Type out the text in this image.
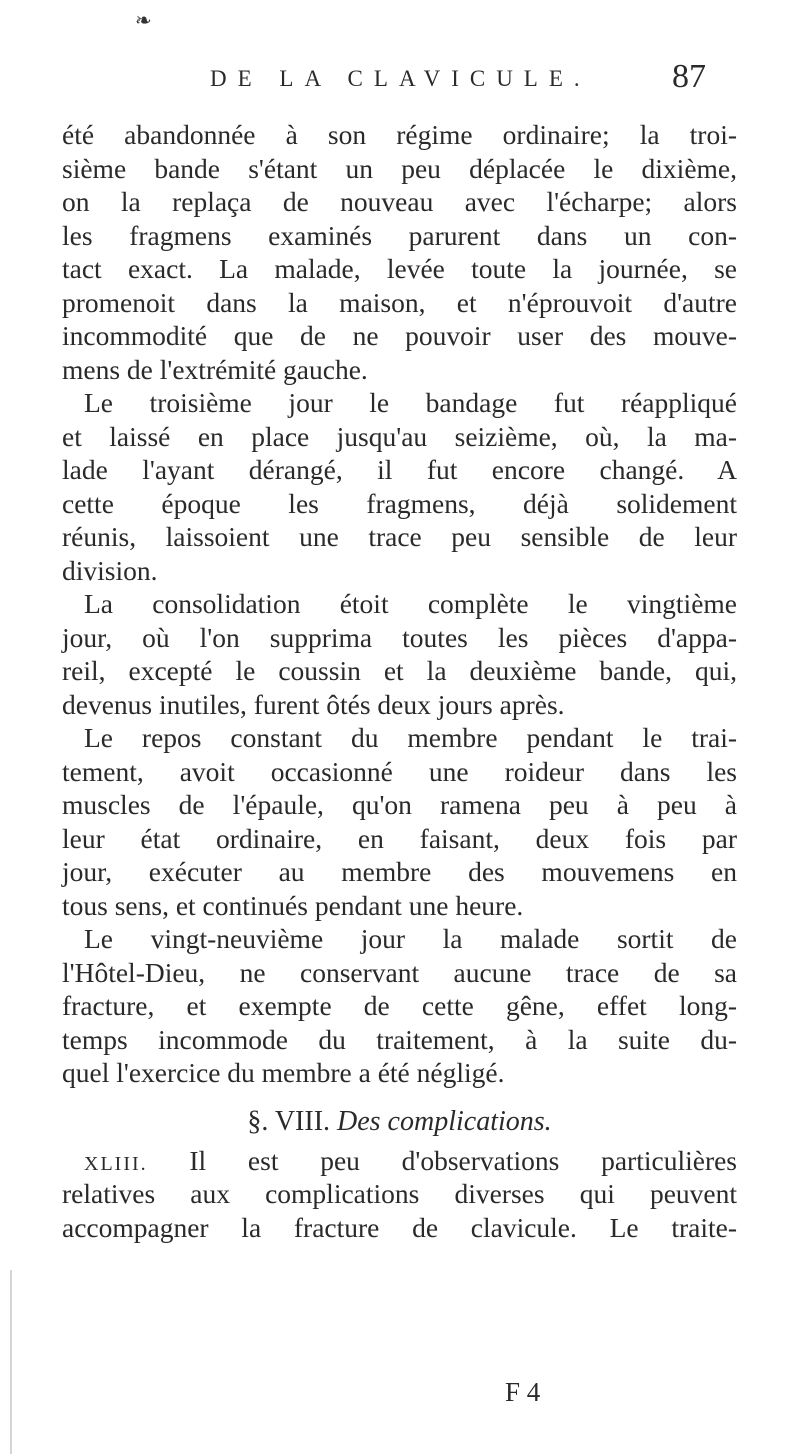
❧
DE LA CLAVICULE. 87
été abandonnée à son régime ordinaire; la troi-
sième bande s'étant un peu déplacée le dixième,
on la replaça de nouveau avec l'écharpe; alors
les fragmens examinés parurent dans un con-
tact exact. La malade, levée toute la journée, se
promenoit dans la maison, et n'éprouvoit d'autre
incommodité que de ne pouvoir user des mouve-
mens de l'extrémité gauche.
Le troisième jour le bandage fut réappliqué
et laissé en place jusqu'au seizième, où, la ma-
lade l'ayant dérangé, il fut encore changé. A
cette époque les fragmens, déjà solidement
réunis, laissoient une trace peu sensible de leur
division.
La consolidation étoit complète le vingtième
jour, où l'on supprima toutes les pièces d'appa-
reil, excepté le coussin et la deuxième bande, qui,
devenus inutiles, furent ôtés deux jours après.
Le repos constant du membre pendant le trai-
tement, avoit occasionné une roideur dans les
muscles de l'épaule, qu'on ramena peu à peu à
leur état ordinaire, en faisant, deux fois par
jour, exécuter au membre des mouvemens en
tous sens, et continués pendant une heure.
Le vingt-neuvième jour la malade sortit de
l'Hôtel-Dieu, ne conservant aucune trace de sa
fracture, et exempte de cette gêne, effet long-
temps incommode du traitement, à la suite du-
quel l'exercice du membre a été négligé.
§. VIII. Des complications.
XLIII. Il est peu d'observations particulières
relatives aux complications diverses qui peuvent
accompagner la fracture de clavicule. Le traite-
F 4
